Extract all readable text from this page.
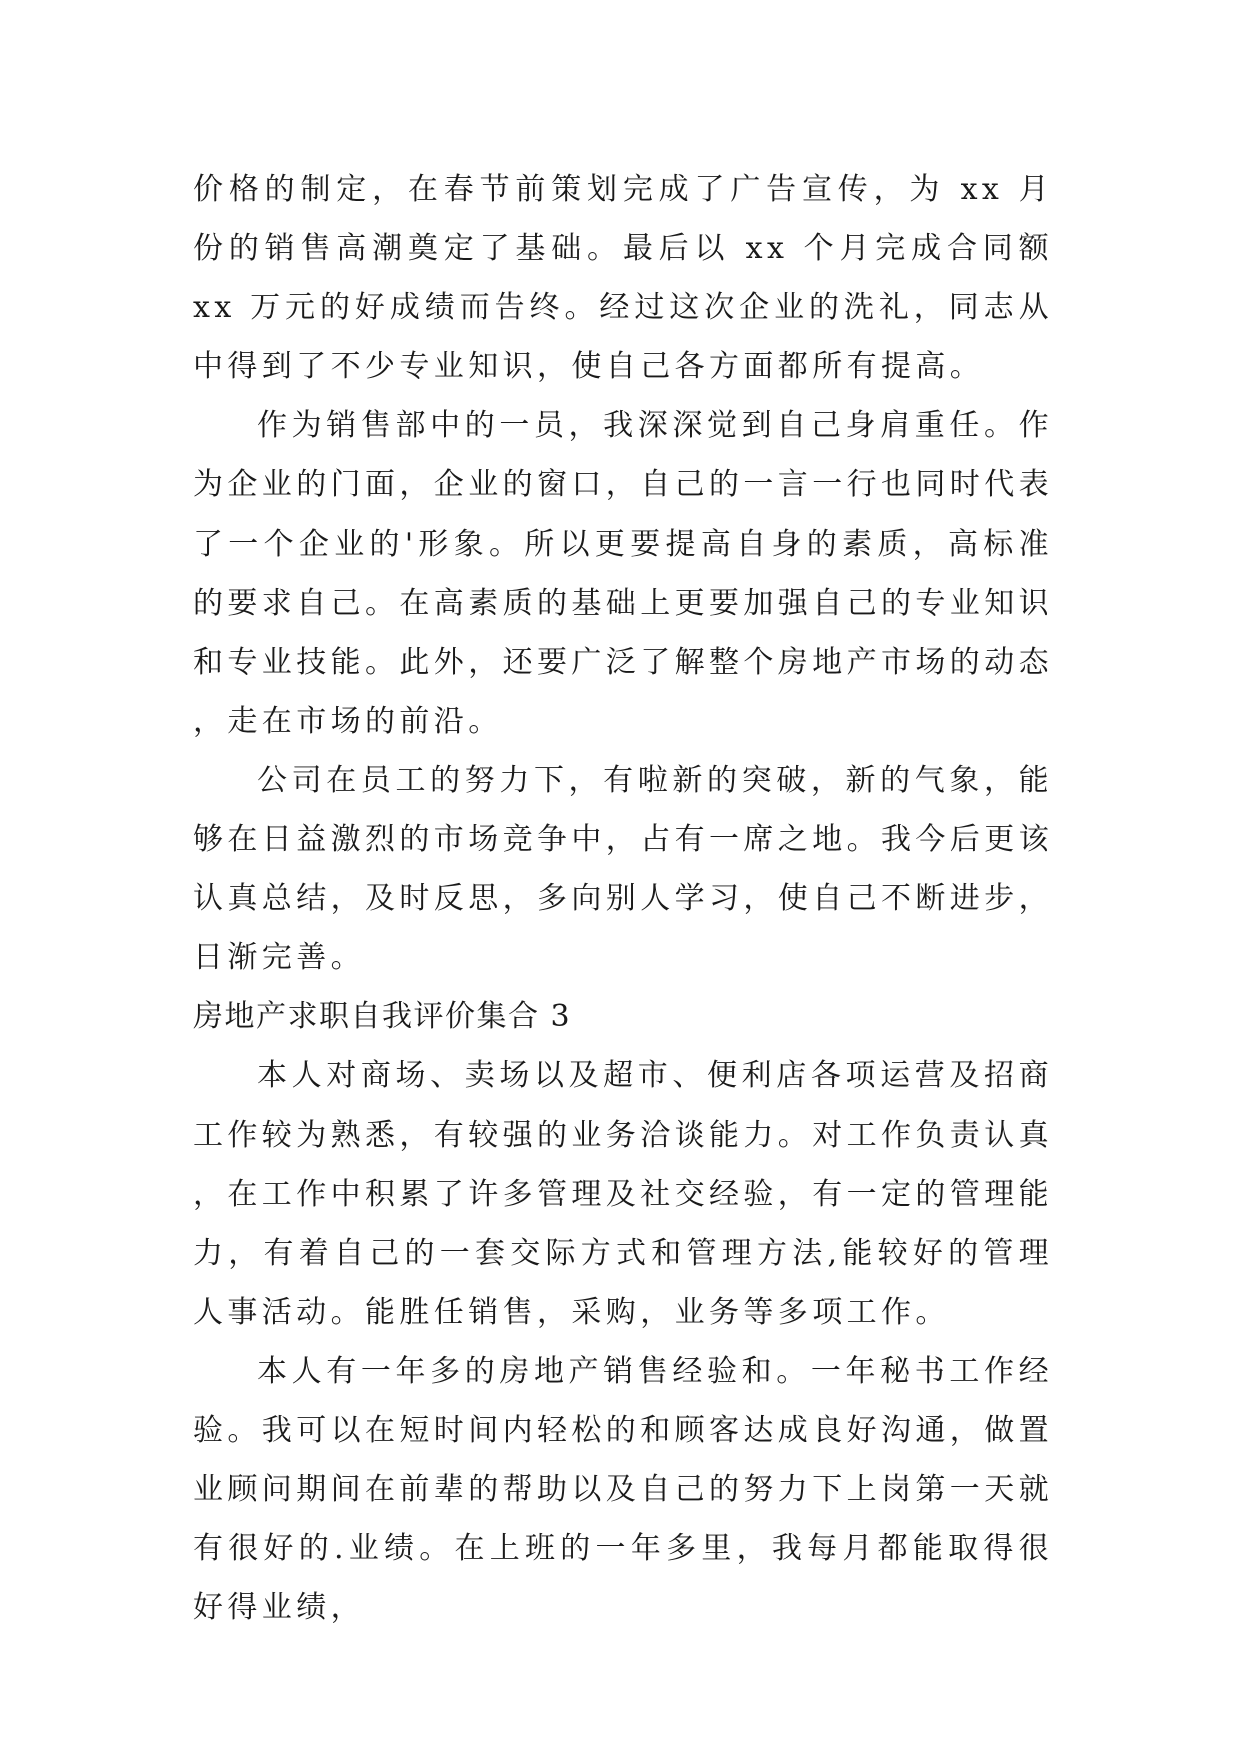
价格的制定，在春节前策划完成了广告宣传，为 xx 月份的销售高潮奠定了基础。最后以 xx 个月完成合同额 xx 万元的好成绩而告终。经过这次企业的洗礼，同志从中得到了不少专业知识，使自己各方面都所有提高。

作为销售部中的一员，我深深觉到自己身肩重任。作为企业的门面，企业的窗口，自己的一言一行也同时代表了一个企业的'形象。所以更要提高自身的素质，高标准的要求自己。在高素质的基础上更要加强自己的专业知识和专业技能。此外，还要广泛了解整个房地产市场的动态，走在市场的前沿。

公司在员工的努力下，有啦新的突破，新的气象，能够在日益激烈的市场竞争中，占有一席之地。我今后更该认真总结，及时反思，多向别人学习，使自己不断进步，日渐完善。

房地产求职自我评价集合 3

本人对商场、卖场以及超市、便利店各项运营及招商工作较为熟悉，有较强的业务洽谈能力。对工作负责认真，在工作中积累了许多管理及社交经验，有一定的管理能力，有着自己的一套交际方式和管理方法,能较好的管理人事活动。能胜任销售，采购，业务等多项工作。

本人有一年多的房地产销售经验和。一年秘书工作经验。我可以在短时间内轻松的和顾客达成良好沟通，做置业顾问期间在前辈的帮助以及自己的努力下上岗第一天就有很好的.业绩。在上班的一年多里，我每月都能取得很好得业绩，
